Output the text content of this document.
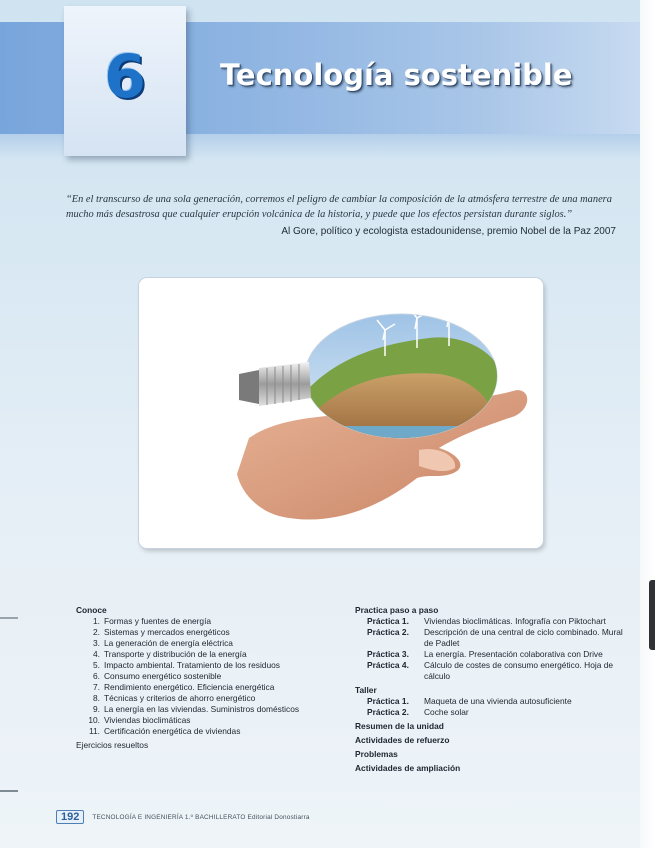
6	Tecnología sostenible
“En el transcurso de una sola generación, corremos el peligro de cambiar la composición de la atmósfera terrestre de una manera mucho más desastrosa que cualquier erupción volcánica de la historia, y puede que los efectos persistan durante siglos.”
Al Gore, político y ecologista estadounidense, premio Nobel de la Paz 2007
Conoce
1. Formas y fuentes de energía
2. Sistemas y mercados energéticos
3. La generación de energía eléctrica
4. Transporte y distribución de la energía
5. Impacto ambiental. Tratamiento de los residuos
6. Consumo energético sostenible
7. Rendimiento energético. Eficiencia energética
8. Técnicas y criterios de ahorro energético
9. La energía en las viviendas. Suministros domésticos
10. Viviendas bioclimáticas
11. Certificación energética de viviendas
Ejercicios resueltos
Practica paso a paso
Práctica 1.	Viviendas bioclimáticas. Infografía con Piktochart
Práctica 2.	Descripción de una central de ciclo combinado. Mural de Padlet
Práctica 3.	La energía. Presentación colaborativa con Drive
Práctica 4.	Cálculo de costes de consumo energético. Hoja de cálculo
Taller
Práctica 1.	Maqueta de una vivienda autosuficiente
Práctica 2.	Coche solar
Resumen de la unidad
Actividades de refuerzo
Problemas
Actividades de ampliación
192	TECNOLOGÍA E INGENIERÍA 1.º BACHILLERATO Editorial Donostiarra
